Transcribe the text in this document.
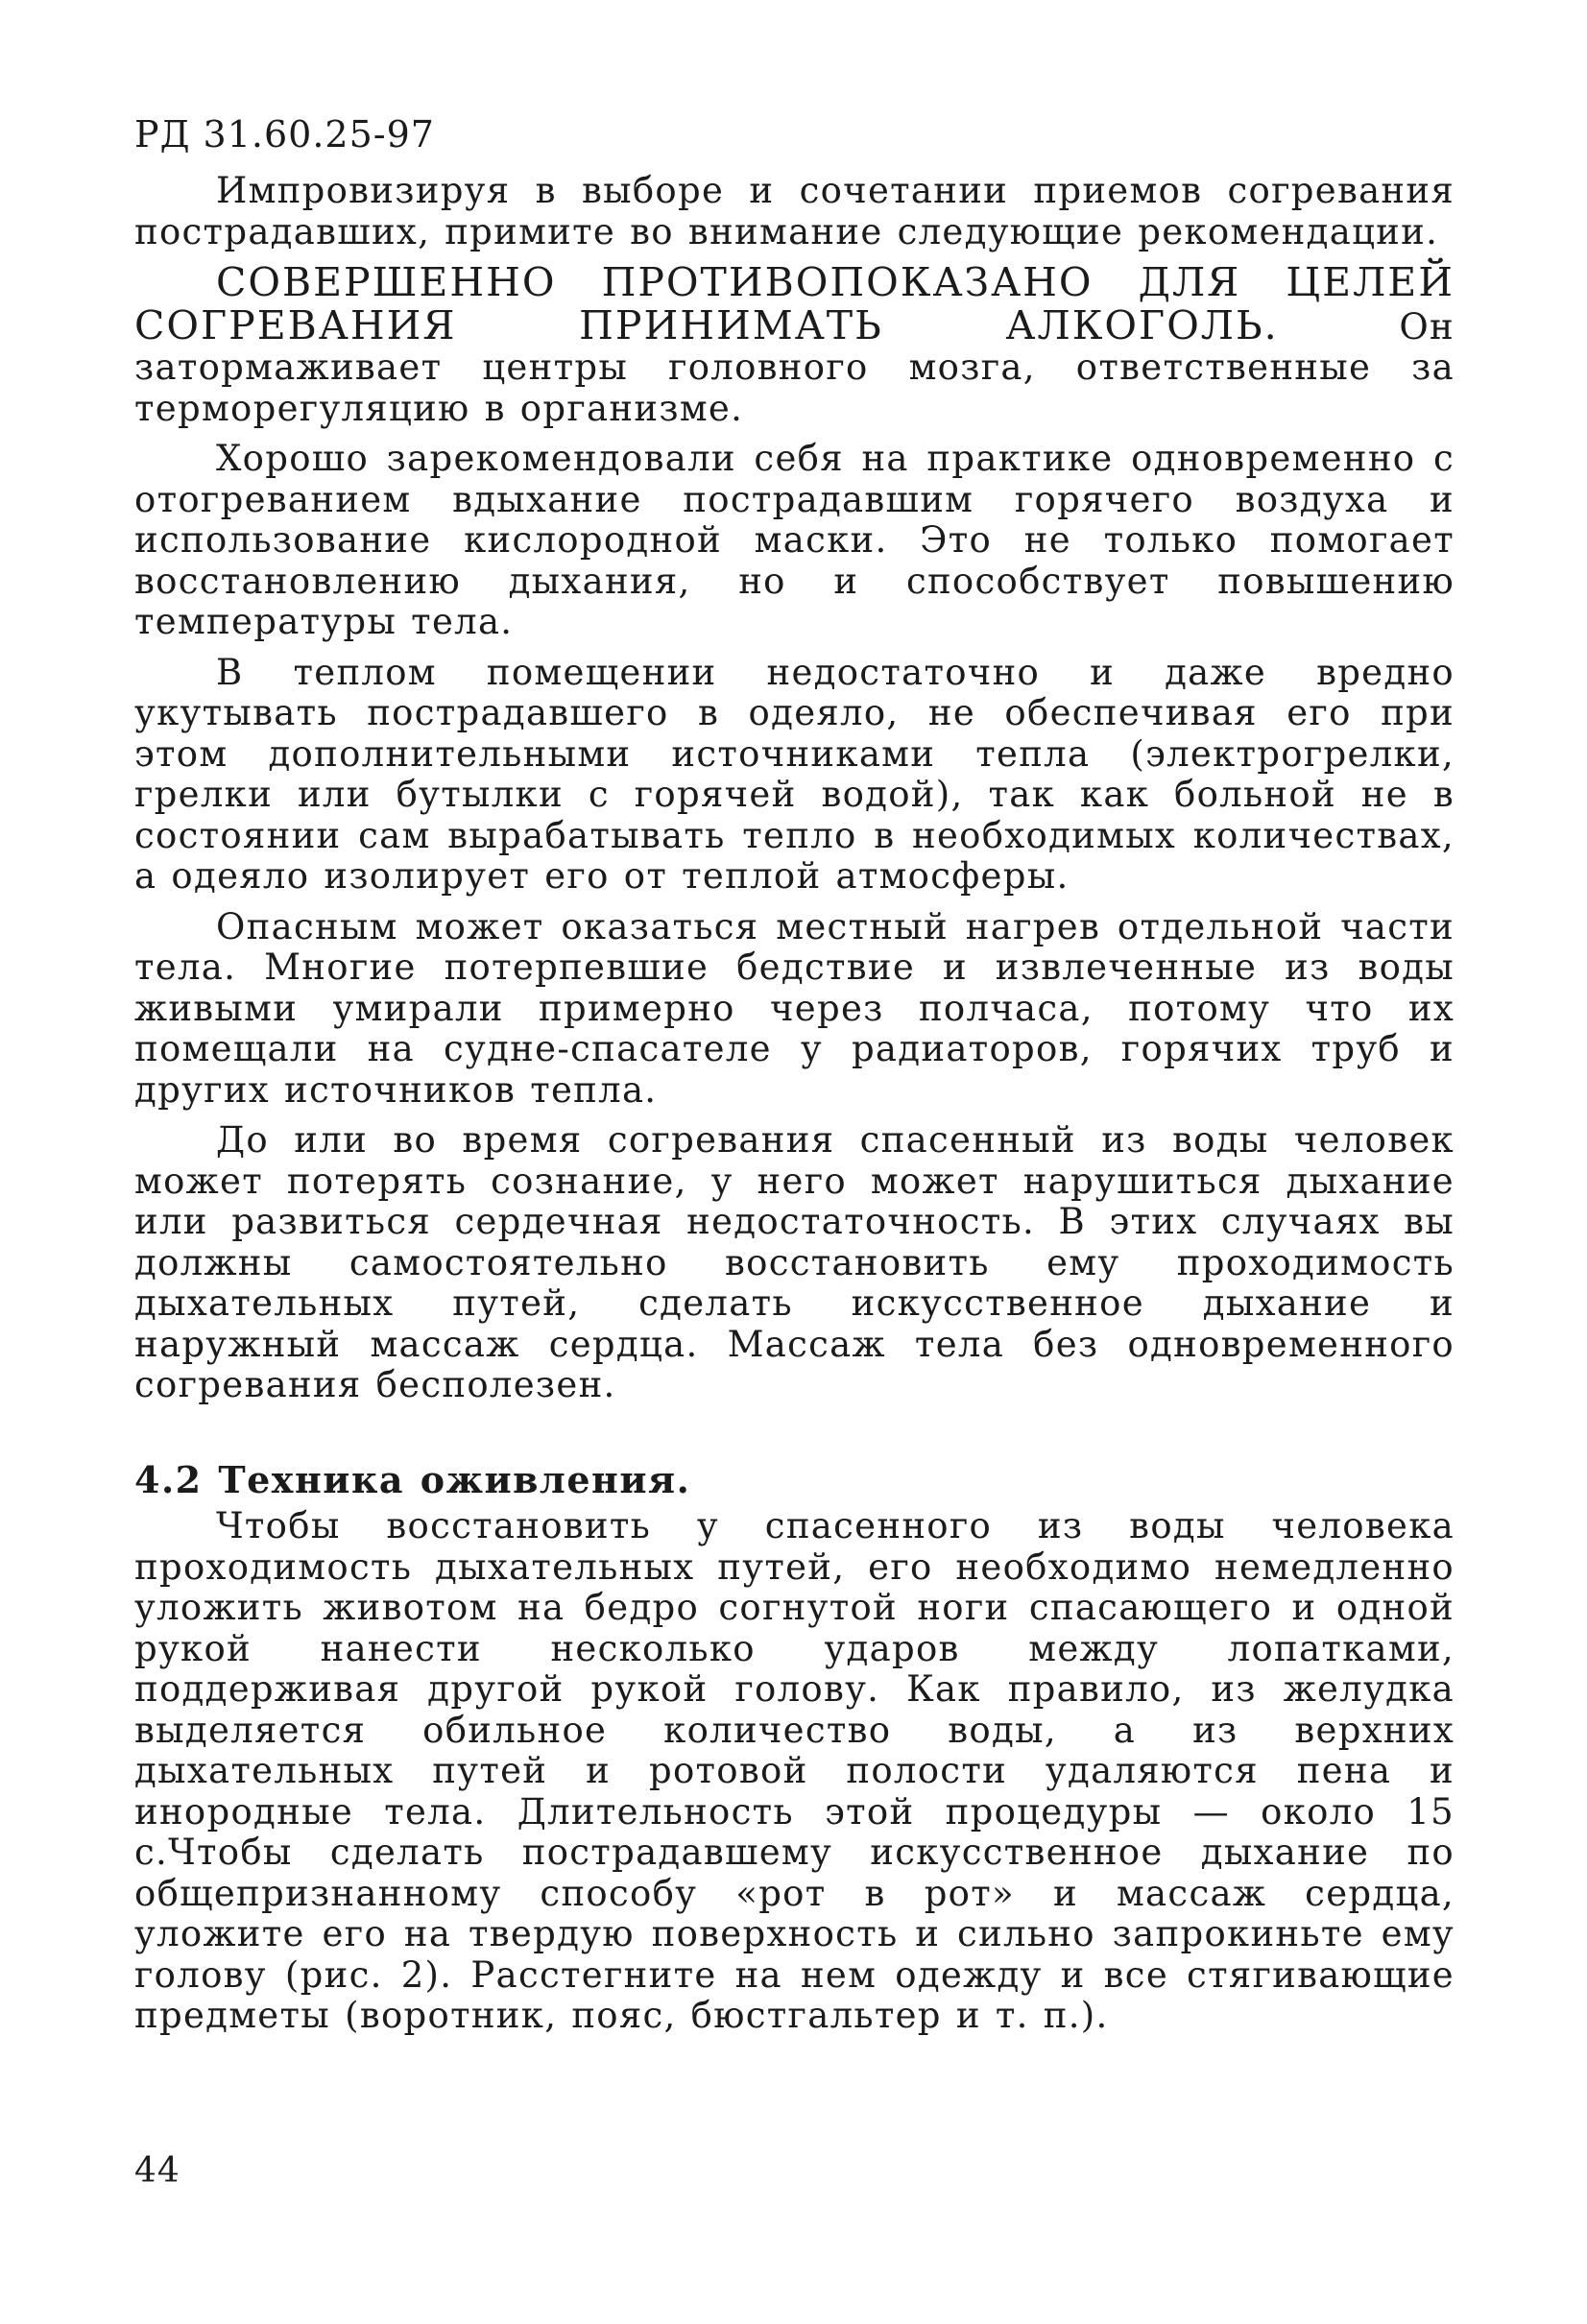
РД 31.60.25-97

Импровизируя в выборе и сочетании приемов согревания пострадавших, примите во внимание следующие рекомендации.

СОВЕРШЕННО ПРОТИВОПОКАЗАНО ДЛЯ ЦЕЛЕЙ СОГРЕВАНИЯ ПРИНИМАТЬ АЛКОГОЛЬ. Он затормаживает центры головного мозга, ответственные за терморегуляцию в организме.

Хорошо зарекомендовали себя на практике одновременно с отогреванием вдыхание пострадавшим горячего воздуха и использование кислородной маски. Это не только помогает восстановлению дыхания, но и способствует повышению температуры тела.

В теплом помещении недостаточно и даже вредно укутывать пострадавшего в одеяло, не обеспечивая его при этом дополнительными источниками тепла (электрогрелки, грелки или бутылки с горячей водой), так как больной не в состоянии сам вырабатывать тепло в необходимых количествах, а одеяло изолирует его от теплой атмосферы.

Опасным может оказаться местный нагрев отдельной части тела. Многие потерпевшие бедствие и извлеченные из воды живыми умирали примерно через полчаса, потому что их помещали на судне-спасателе у радиаторов, горячих труб и других источников тепла.

До или во время согревания спасенный из воды человек может потерять сознание, у него может нарушиться дыхание или развиться сердечная недостаточность. В этих случаях вы должны самостоятельно восстановить ему проходимость дыхательных путей, сделать искусственное дыхание и наружный массаж сердца. Массаж тела без одновременного согревания бесполезен.

4.2 Техника оживления.

Чтобы восстановить у спасенного из воды человека проходимость дыхательных путей, его необходимо немедленно уложить животом на бедро согнутой ноги спасающего и одной рукой нанести несколько ударов между лопатками, поддерживая другой рукой голову. Как правило, из желудка выделяется обильное количество воды, а из верхних дыхательных путей и ротовой полости удаляются пена и инородные тела. Длительность этой процедуры — около 15 с.Чтобы сделать пострадавшему искусственное дыхание по общепризнанному способу «рот в рот» и массаж сердца, уложите его на твердую поверхность и сильно запрокиньте ему голову (рис. 2). Расстегните на нем одежду и все стягивающие предметы (воротник, пояс, бюстгальтер и т. п.).

44
